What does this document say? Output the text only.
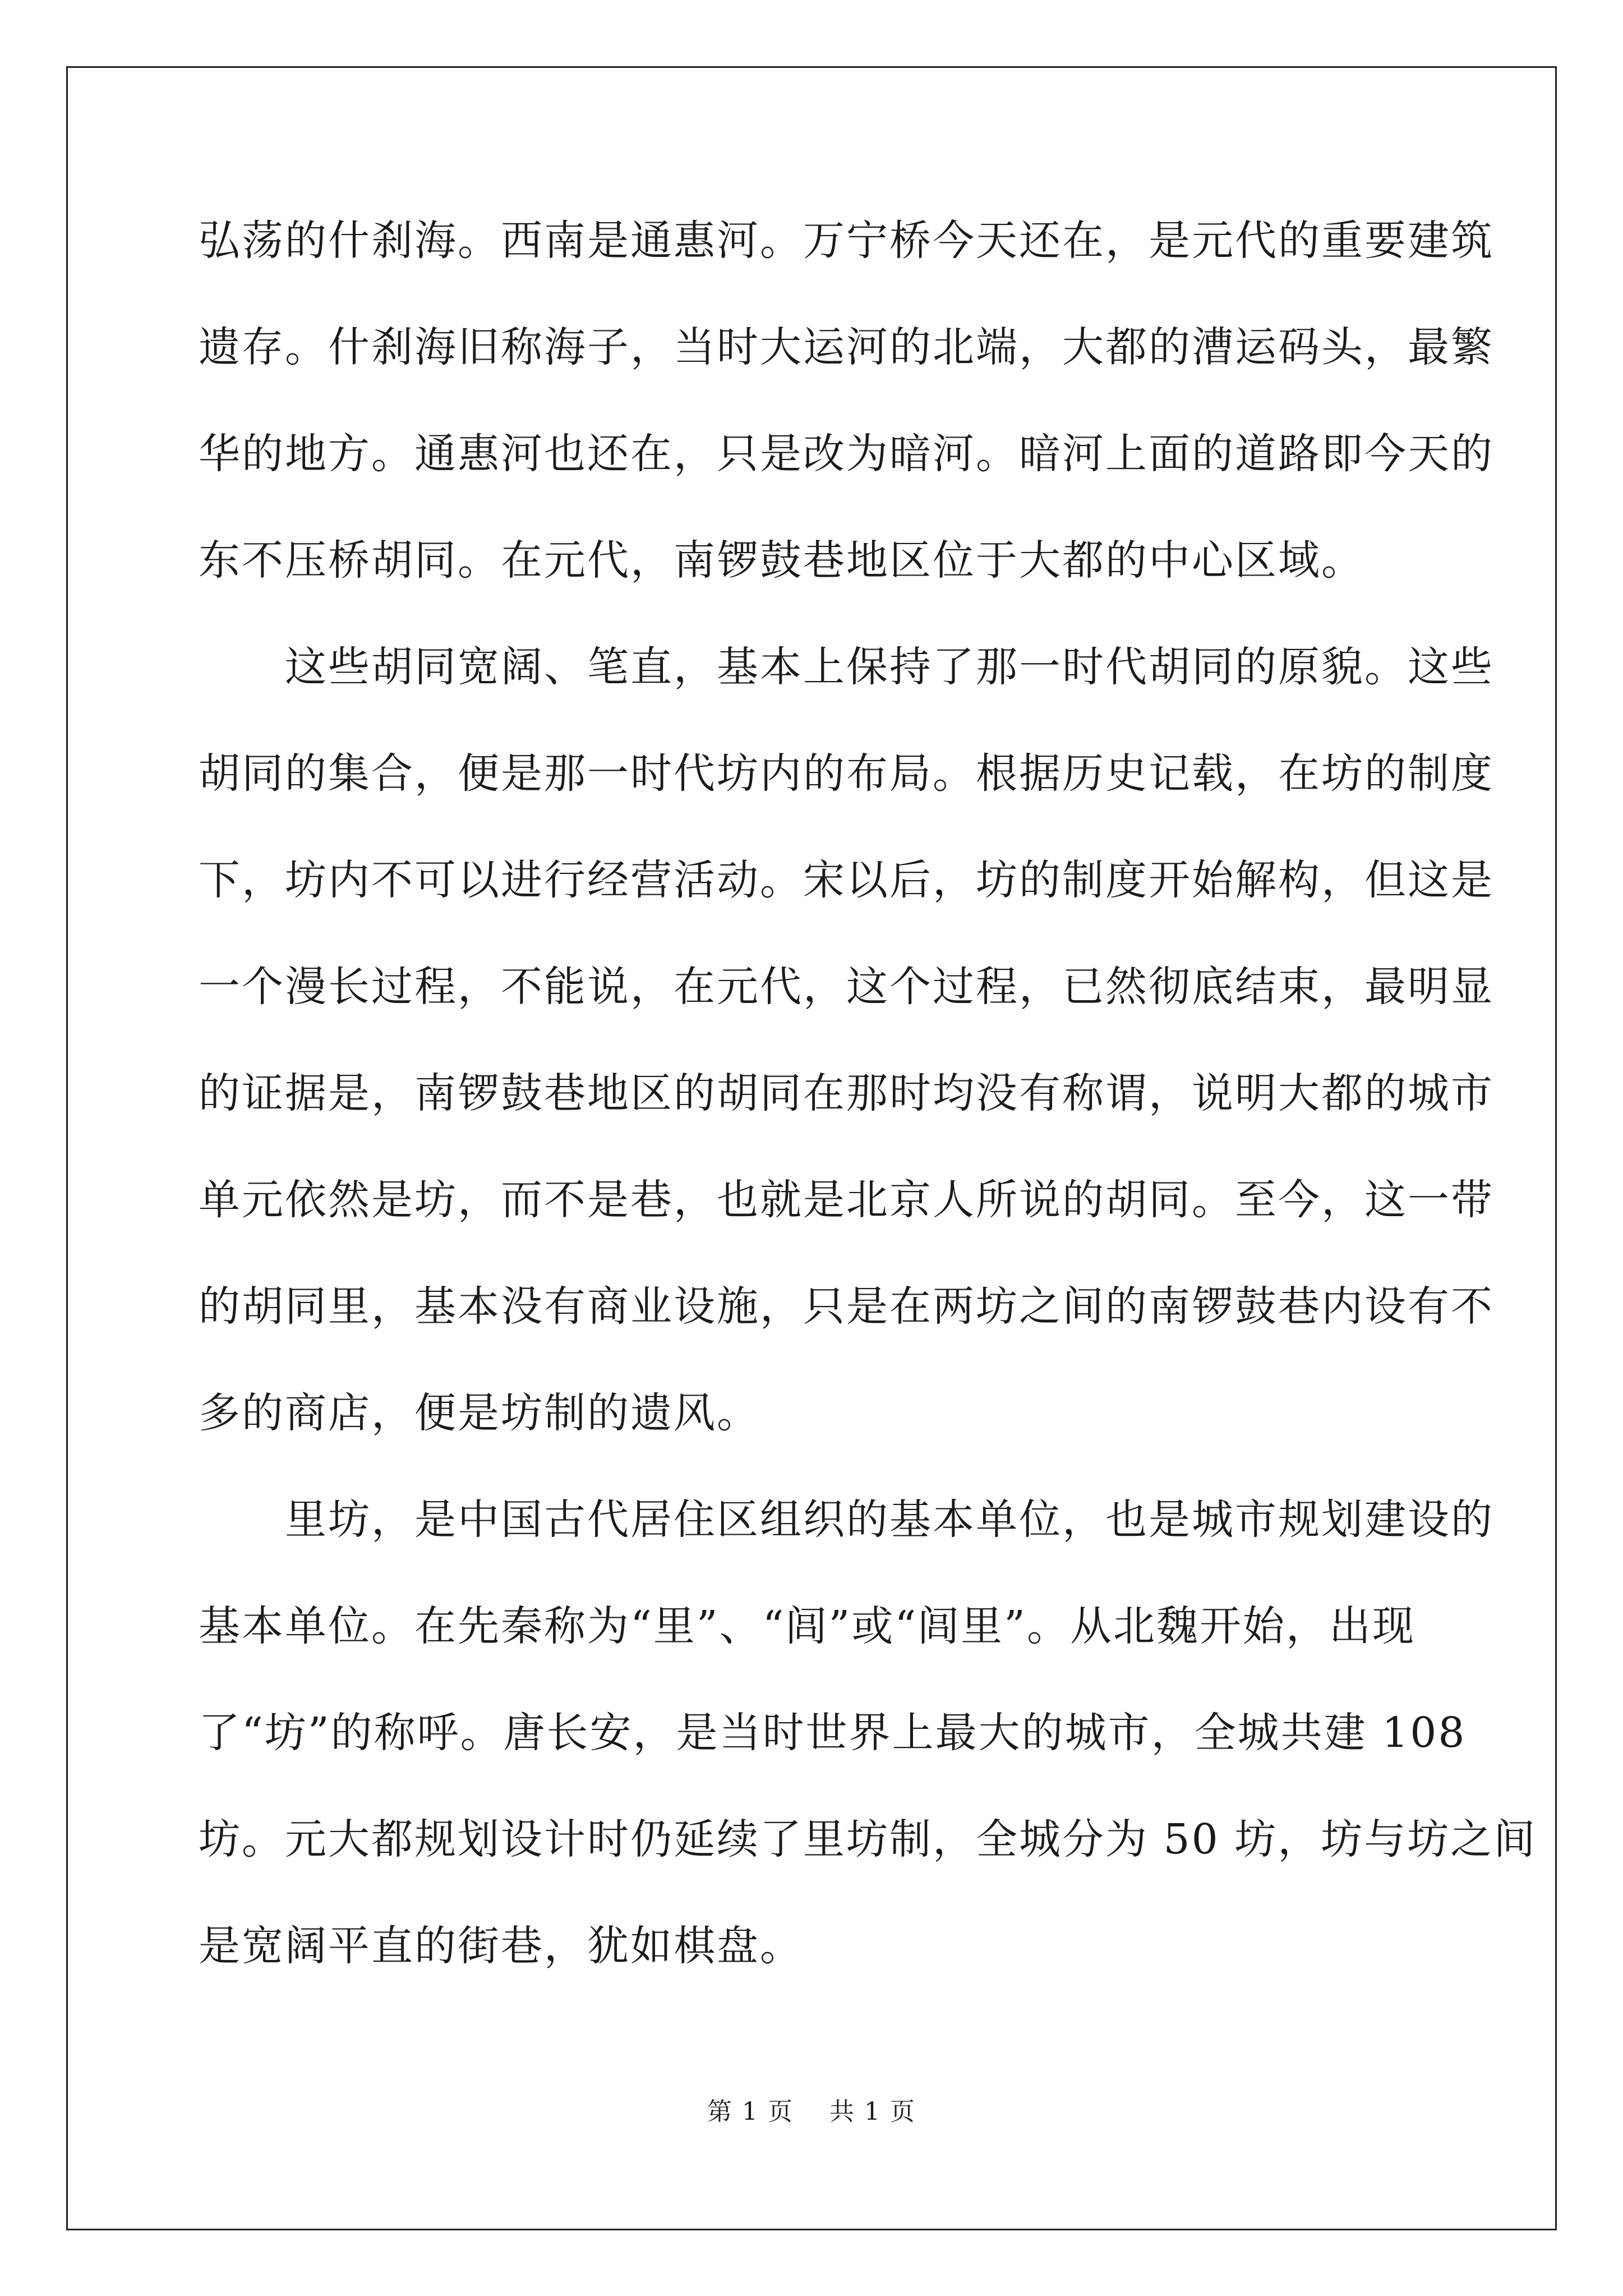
弘荡的什刹海。西南是通惠河。万宁桥今天还在，是元代的重要建筑
遗存。什刹海旧称海子，当时大运河的北端，大都的漕运码头，最繁
华的地方。通惠河也还在，只是改为暗河。暗河上面的道路即今天的
东不压桥胡同。在元代，南锣鼓巷地区位于大都的中心区域。
　　这些胡同宽阔、笔直，基本上保持了那一时代胡同的原貌。这些
胡同的集合，便是那一时代坊内的布局。根据历史记载，在坊的制度
下，坊内不可以进行经营活动。宋以后，坊的制度开始解构，但这是
一个漫长过程，不能说，在元代，这个过程，已然彻底结束，最明显
的证据是，南锣鼓巷地区的胡同在那时均没有称谓，说明大都的城市
单元依然是坊，而不是巷，也就是北京人所说的胡同。至今，这一带
的胡同里，基本没有商业设施，只是在两坊之间的南锣鼓巷内设有不
多的商店，便是坊制的遗风。
　　里坊，是中国古代居住区组织的基本单位，也是城市规划建设的
基本单位。在先秦称为“里”、“闾”或“闾里”。从北魏开始，出现
了“坊”的称呼。唐长安，是当时世界上最大的城市，全城共建 108
坊。元大都规划设计时仍延续了里坊制，全城分为 50 坊，坊与坊之间
是宽阔平直的街巷，犹如棋盘。
第 1 页 共 1 页
